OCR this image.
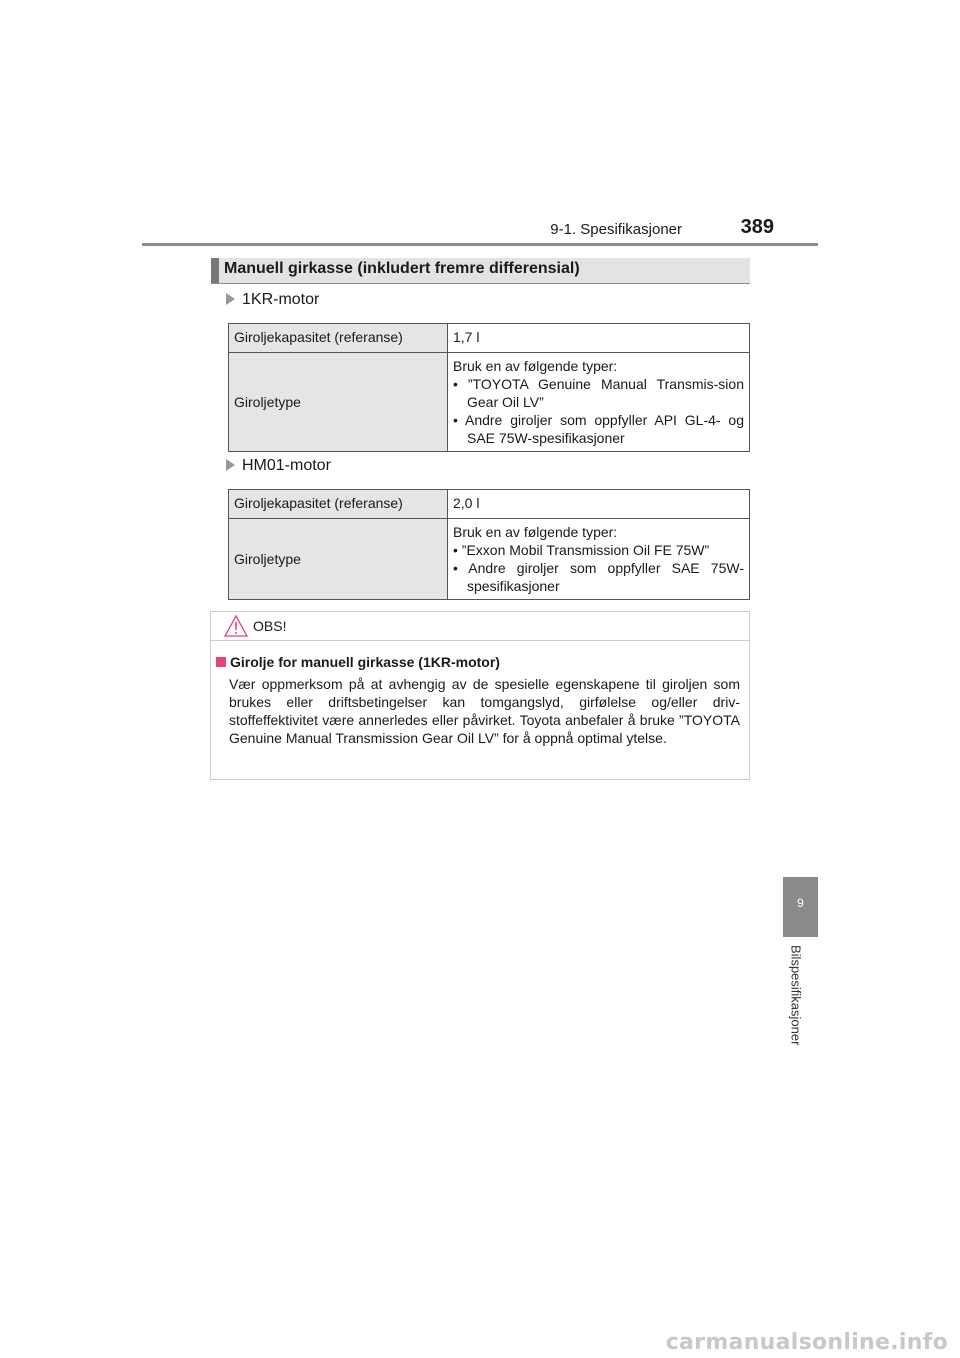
9-1. Spesifikasjoner	389
Manuell girkasse (inkludert fremre differensial)
1KR-motor
Giroljekapasitet (referanse)	1,7 l
Giroljetype	Bruk en av følgende typer:
• ”TOYOTA Genuine Manual Transmis-sion Gear Oil LV”
• Andre giroljer som oppfyller API GL-4- og SAE 75W-spesifikasjoner
HM01-motor
Giroljekapasitet (referanse)	2,0 l
Giroljetype	Bruk en av følgende typer:
• ”Exxon Mobil Transmission Oil FE 75W”
• Andre giroljer som oppfyller SAE 75W-spesifikasjoner
OBS!
Girolje for manuell girkasse (1KR-motor)
Vær oppmerksom på at avhengig av de spesielle egenskapene til giroljen som brukes eller driftsbetingelser kan tomgangslyd, girfølelse og/eller driv-stoffeffektivitet være annerledes eller påvirket. Toyota anbefaler å bruke ”TOYOTA Genuine Manual Transmission Gear Oil LV” for å oppnå optimal ytelse.
9
Bilspesifikasjoner
carmanualsonline.info
